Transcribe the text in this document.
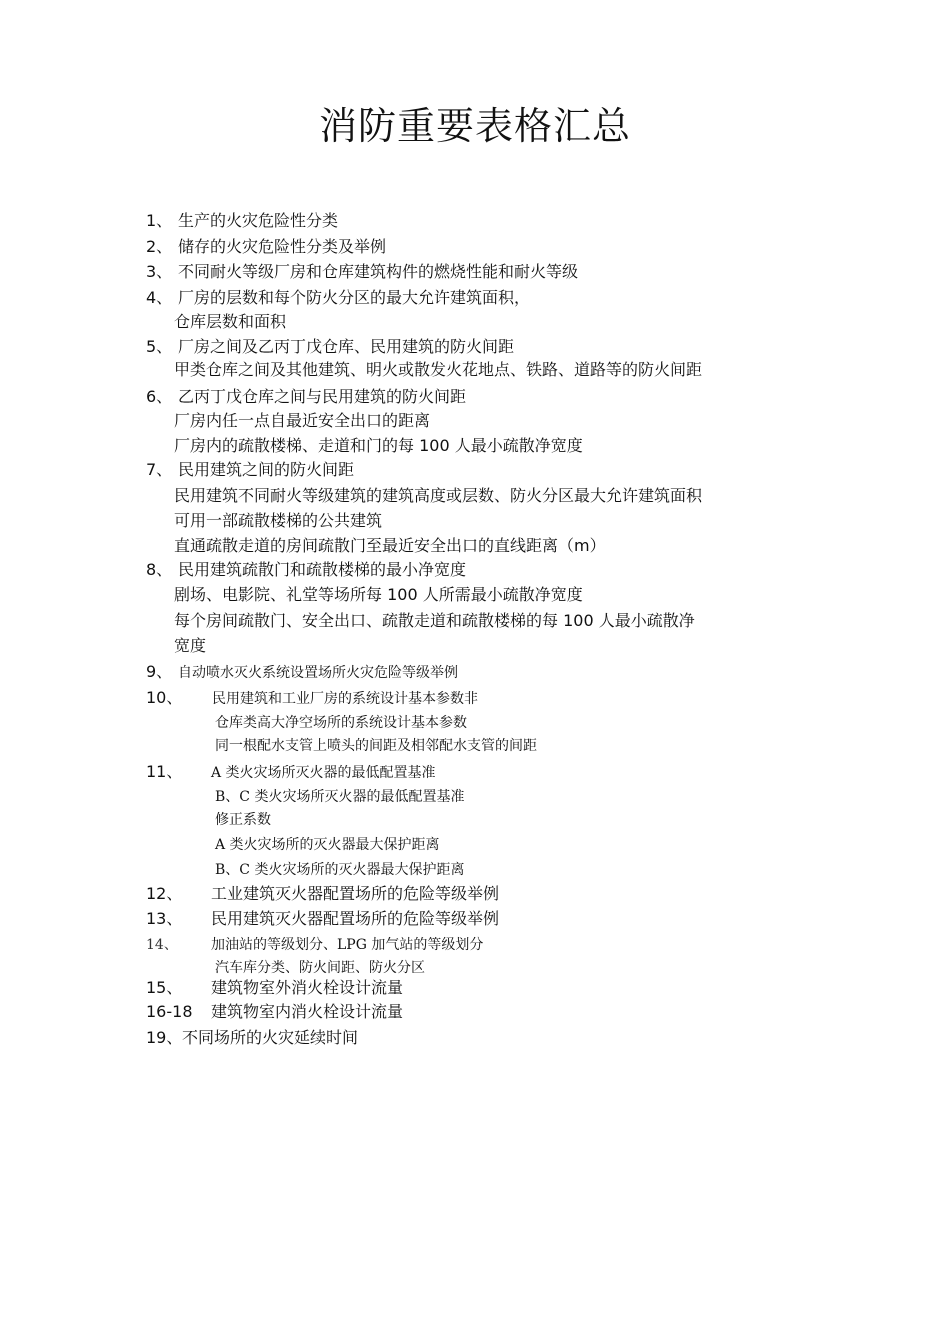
消防重要表格汇总
1、 生产的火灾危险性分类
2、 储存的火灾危险性分类及举例
3、 不同耐火等级厂房和仓库建筑构件的燃烧性能和耐火等级
4、 厂房的层数和每个防火分区的最大允许建筑面积，
仓库层数和面积
5、 厂房之间及乙丙丁戊仓库、民用建筑的防火间距
甲类仓库之间及其他建筑、明火或散发火花地点、铁路、道路等的防火间距
6、 乙丙丁戊仓库之间与民用建筑的防火间距
厂房内任一点自最近安全出口的距离
厂房内的疏散楼梯、走道和门的每 100 人最小疏散净宽度
7、 民用建筑之间的防火间距
民用建筑不同耐火等级建筑的建筑高度或层数、防火分区最大允许建筑面积
可用一部疏散楼梯的公共建筑
直通疏散走道的房间疏散门至最近安全出口的直线距离（m）
8、 民用建筑疏散门和疏散楼梯的最小净宽度
剧场、电影院、礼堂等场所每 100 人所需最小疏散净宽度
每个房间疏散门、安全出口、疏散走道和疏散楼梯的每 100 人最小疏散净
宽度
9、 自动喷水灭火系统设置场所火灾危险等级举例
10、 民用建筑和工业厂房的系统设计基本参数非
仓库类高大净空场所的系统设计基本参数
同一根配水支管上喷头的间距及相邻配水支管的间距
11、 A 类火灾场所灭火器的最低配置基准
B、C 类火灾场所灭火器的最低配置基准
修正系数
A 类火灾场所的灭火器最大保护距离
B、C 类火灾场所的灭火器最大保护距离
12、 工业建筑灭火器配置场所的危险等级举例
13、 民用建筑灭火器配置场所的危险等级举例
14、 加油站的等级划分、LPG 加气站的等级划分
汽车库分类、防火间距、防火分区
15、 建筑物室外消火栓设计流量
16-18 建筑物室内消火栓设计流量
19、 不同场所的火灾延续时间
